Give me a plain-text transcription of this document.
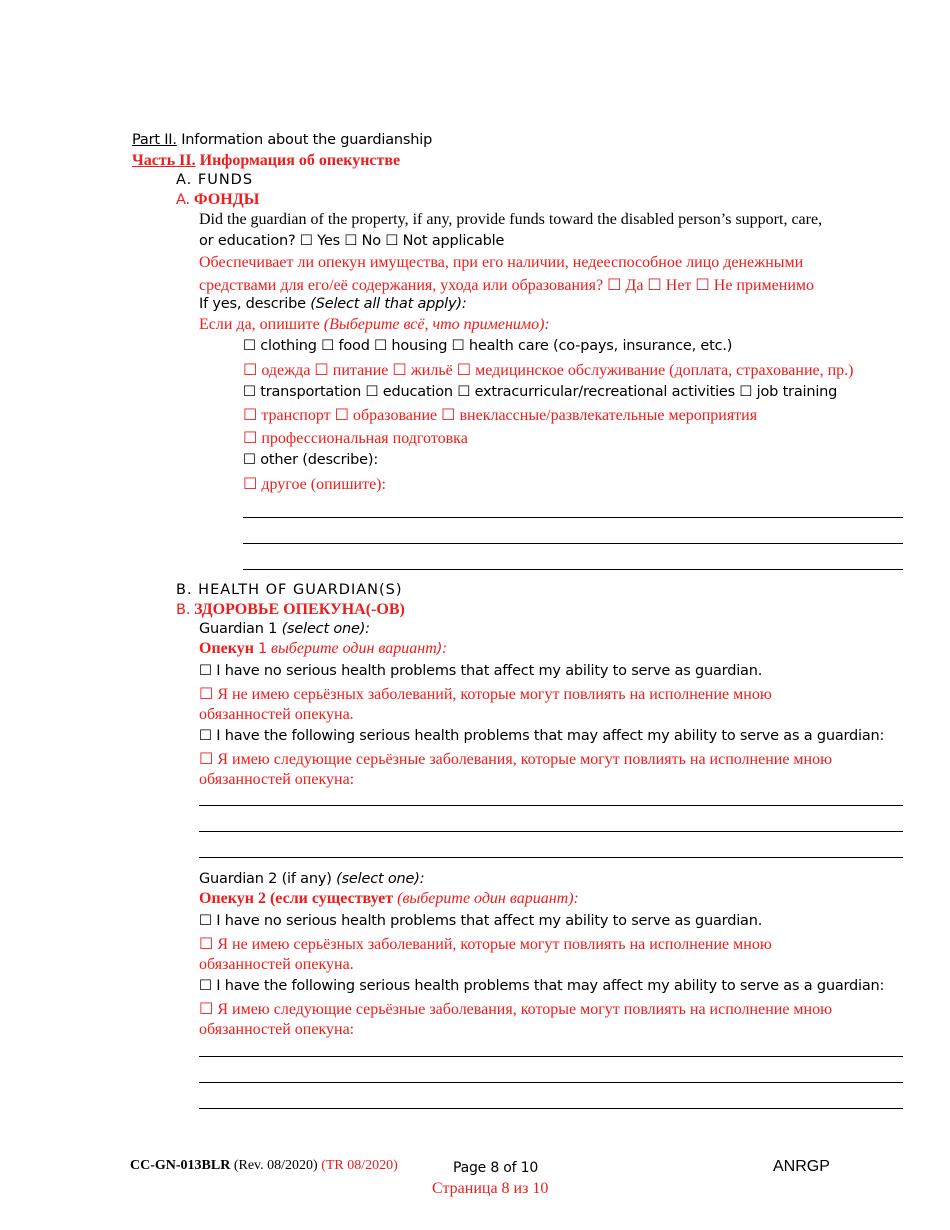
Part II. Information about the guardianship
Часть II. Информация об опекунстве
A. FUNDS
A. ФОНДЫ
Did the guardian of the property, if any, provide funds toward the disabled person’s support, care,
or education? ☐ Yes ☐ No ☐ Not applicable
Обеспечивает ли опекун имущества, при его наличии, недееспособное лицо денежными
средствами для его/её содержания, ухода или образования? ☐ Да ☐ Нет ☐ Не применимо
If yes, describe (Select all that apply):
Если да, опишите (Выберите всё, что применимо):
☐ clothing ☐ food ☐ housing ☐ health care (co-pays, insurance, etc.)
☐ одежда ☐ питание ☐ жильё ☐ медицинское обслуживание (доплата, страхование, пр.)
☐ transportation ☐ education ☐ extracurricular/recreational activities ☐ job training
☐ транспорт ☐ образование ☐ внеклассные/развлекательные мероприятия
☐ профессиональная подготовка
☐ other (describe):
☐ другое (опишите):
B. HEALTH OF GUARDIAN(S)
B. ЗДОРОВЬЕ ОПЕКУНА(-ОВ)
Guardian 1 (select one):
Опекун 1 выберите один вариант):
☐ I have no serious health problems that affect my ability to serve as guardian.
☐ Я не имею серьёзных заболеваний, которые могут повлиять на исполнение мною
обязанностей опекуна.
☐ I have the following serious health problems that may affect my ability to serve as a guardian:
☐ Я имею следующие серьёзные заболевания, которые могут повлиять на исполнение мною
обязанностей опекуна:
Guardian 2 (if any) (select one):
Опекун 2 (если существует (выберите один вариант):
☐ I have no serious health problems that affect my ability to serve as guardian.
☐ Я не имею серьёзных заболеваний, которые могут повлиять на исполнение мною
обязанностей опекуна.
☐ I have the following serious health problems that may affect my ability to serve as a guardian:
☐ Я имею следующие серьёзные заболевания, которые могут повлиять на исполнение мною
обязанностей опекуна:
CC-GN-013BLR (Rev. 08/2020) (TR 08/2020)	Page 8 of 10
Страница 8 из 10
ANRGP
